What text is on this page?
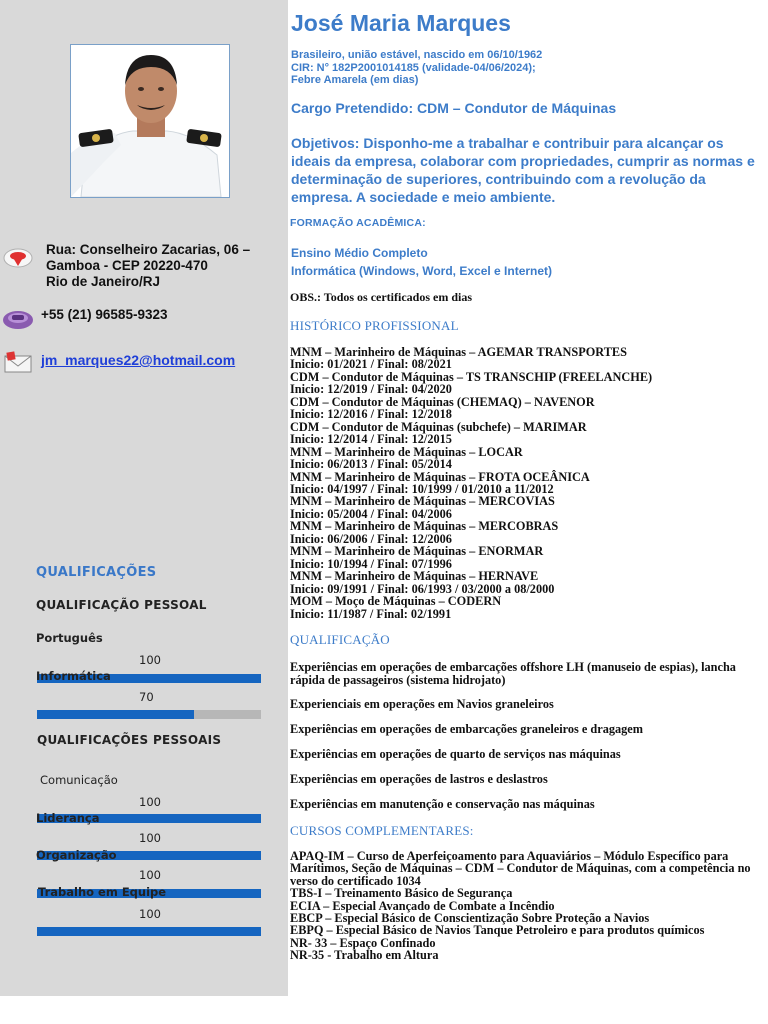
Rua: Conselheiro Zacarias, 06 –
Gamboa - CEP 20220-470
Rio de Janeiro/RJ
+55 (21) 96585-9323
jm_marques22@hotmail.com
QUALIFICAÇÕES
QUALIFICAÇÃO PESSOAL
Português
100
Informática
70
QUALIFICAÇÕES PESSOAIS
Comunicação
100
Liderança
100
Organização
100
Trabalho em Equipe
100
José Maria Marques
Brasileiro, união estável, nascido em 06/10/1962
CIR: N° 182P2001014185 (validade-04/06/2024);
Febre Amarela (em dias)
Cargo Pretendido: CDM – Condutor de Máquinas
Objetivos: Disponho-me a trabalhar e contribuir para alcançar os ideais da empresa, colaborar com propriedades, cumprir as normas e determinação de superiores, contribuindo com a revolução da empresa. A sociedade e meio ambiente.
FORMAÇÃO ACADÊMICA:
Ensino Médio Completo
Informática (Windows, Word, Excel e Internet)
OBS.: Todos os certificados em dias
HISTÓRICO PROFISSIONAL
MNM – Marinheiro de Máquinas – AGEMAR TRANSPORTES
Inicio: 01/2021 / Final: 08/2021
CDM – Condutor de Máquinas – TS TRANSCHIP (FREELANCHE)
Inicio: 12/2019 / Final: 04/2020
CDM – Condutor de Máquinas (CHEMAQ) – NAVENOR
Inicio: 12/2016 / Final: 12/2018
CDM – Condutor de Máquinas (subchefe) – MARIMAR
Inicio: 12/2014 / Final: 12/2015
MNM – Marinheiro de Máquinas – LOCAR
Inicio: 06/2013 / Final: 05/2014
MNM – Marinheiro de Máquinas – FROTA OCEÂNICA
Inicio: 04/1997 / Final: 10/1999 / 01/2010 a 11/2012
MNM – Marinheiro de Máquinas – MERCOVIAS
Inicio: 05/2004 / Final: 04/2006
MNM – Marinheiro de Máquinas – MERCOBRAS
Inicio: 06/2006 / Final: 12/2006
MNM – Marinheiro de Máquinas – ENORMAR
Inicio: 10/1994 / Final: 07/1996
MNM – Marinheiro de Máquinas – HERNAVE
Inicio: 09/1991 / Final: 06/1993 / 03/2000 a 08/2000
MOM – Moço de Máquinas – CODERN
Inicio: 11/1987 / Final: 02/1991
QUALIFICAÇÃO
Experiências em operações de embarcações offshore LH (manuseio de espias), lancha rápida de passageiros (sistema hidrojato)
Experienciais em operações em Navios graneleiros
Experiências em operações de embarcações graneleiros e dragagem
Experiências em operações de quarto de serviços nas máquinas
Experiências em operações de lastros e deslastros
Experiências em manutenção e conservação nas máquinas
CURSOS COMPLEMENTARES:
APAQ-IM – Curso de Aperfeiçoamento para Aquaviários – Módulo Específico para Marítimos, Seção de Máquinas – CDM – Condutor de Máquinas, com a competência no verso do certificado 1034
TBS-I – Treinamento Básico de Segurança
ECIA – Especial Avançado de Combate a Incêndio
EBCP – Especial Básico de Conscientização Sobre Proteção a Navios
EBPQ – Especial Básico de Navios Tanque Petroleiro e para produtos químicos
NR- 33 – Espaço Confinado
NR-35 - Trabalho em Altura
